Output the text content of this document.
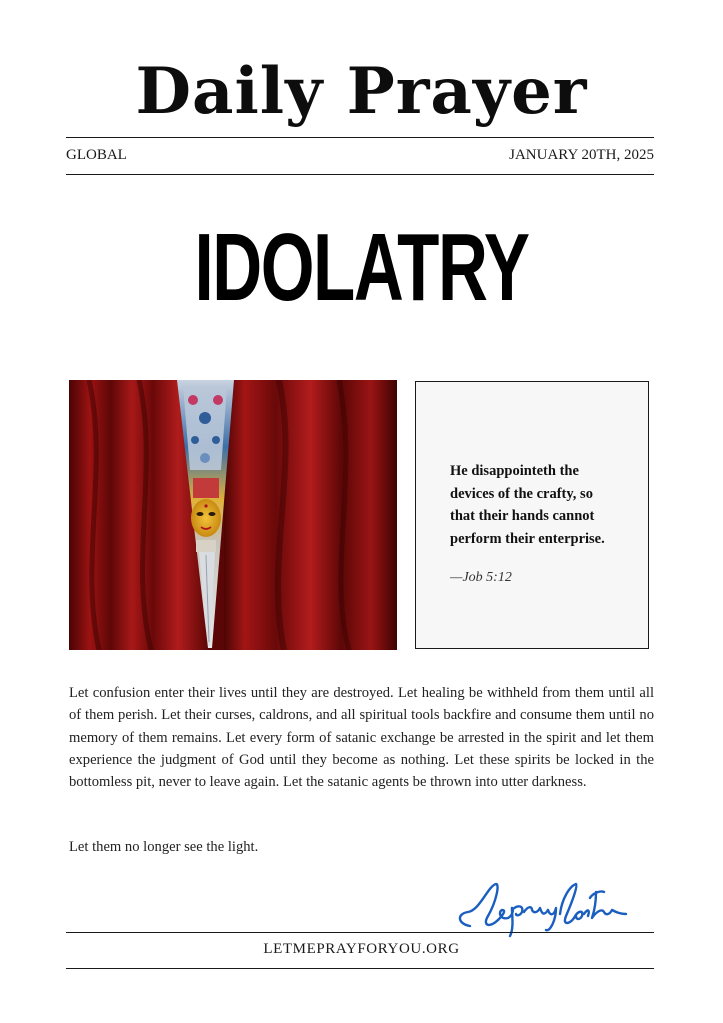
Daily Prayer
GLOBAL	JANUARY 20TH, 2025
IDOLATRY
He disappointeth the devices of the crafty, so that their hands cannot perform their enterprise.
—Job 5:12

Let confusion enter their lives until they are destroyed. Let healing be withheld from them until all of them perish. Let their curses, caldrons, and all spiritual tools backfire and consume them until no memory of them remains. Let every form of satanic exchange be arrested in the spirit and let them experience the judgment of God until they become as nothing. Let these spirits be locked in the bottomless pit, never to leave again. Let the satanic agents be thrown into utter darkness.

Let them no longer see the light.

LETMEPRAYFORYOU.ORG
